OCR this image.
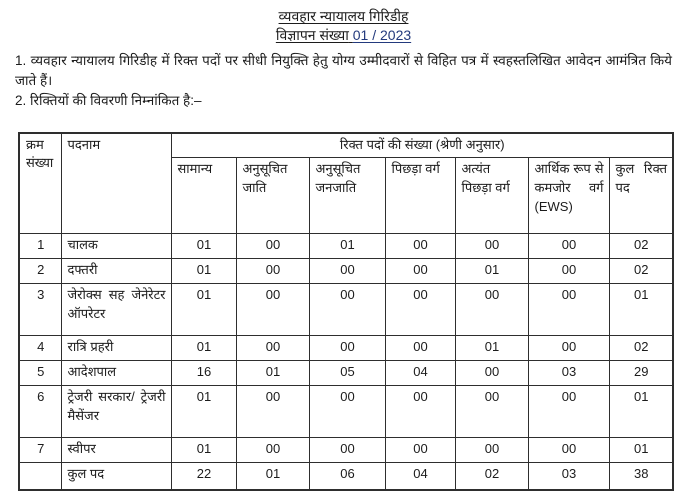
व्यवहार न्यायालय गिरिडीह

विज्ञापन संख्या 01 / 2023

1. व्यवहार न्यायालय गिरिडीह में रिक्त पदों पर सीधी नियुक्ति हेतु योग्य उम्मीदवारों से विहित पत्र में स्वहस्तलिखित आवेदन आमंत्रित किये जाते हैं।

2. रिक्तियों की विवरणी निम्नांकित है:–

क्रम संख्या	पदनाम	रिक्त पदों की संख्या (श्रेणी अनुसार)						
		सामान्य	अनुसूचित जाति	अनुसूचित जनजाति	पिछड़ा वर्ग	अत्यंत पिछड़ा वर्ग	आर्थिक रूप से कमजोर वर्ग (EWS)	कुल रिक्त पद
1	चालक	01	00	01	00	00	00	02
2	दफ्तरी	01	00	00	00	01	00	02
3	जेरोक्स सह जेनेरेटर ऑपरेटर	01	00	00	00	00	00	01
4	रात्रि प्रहरी	01	00	00	00	01	00	02
5	आदेशपाल	16	01	05	04	00	03	29
6	ट्रेजरी सरकार/ ट्रेजरी मैसेंजर	01	00	00	00	00	00	01
7	स्वीपर	01	00	00	00	00	00	01
	कुल पद	22	01	06	04	02	03	38
